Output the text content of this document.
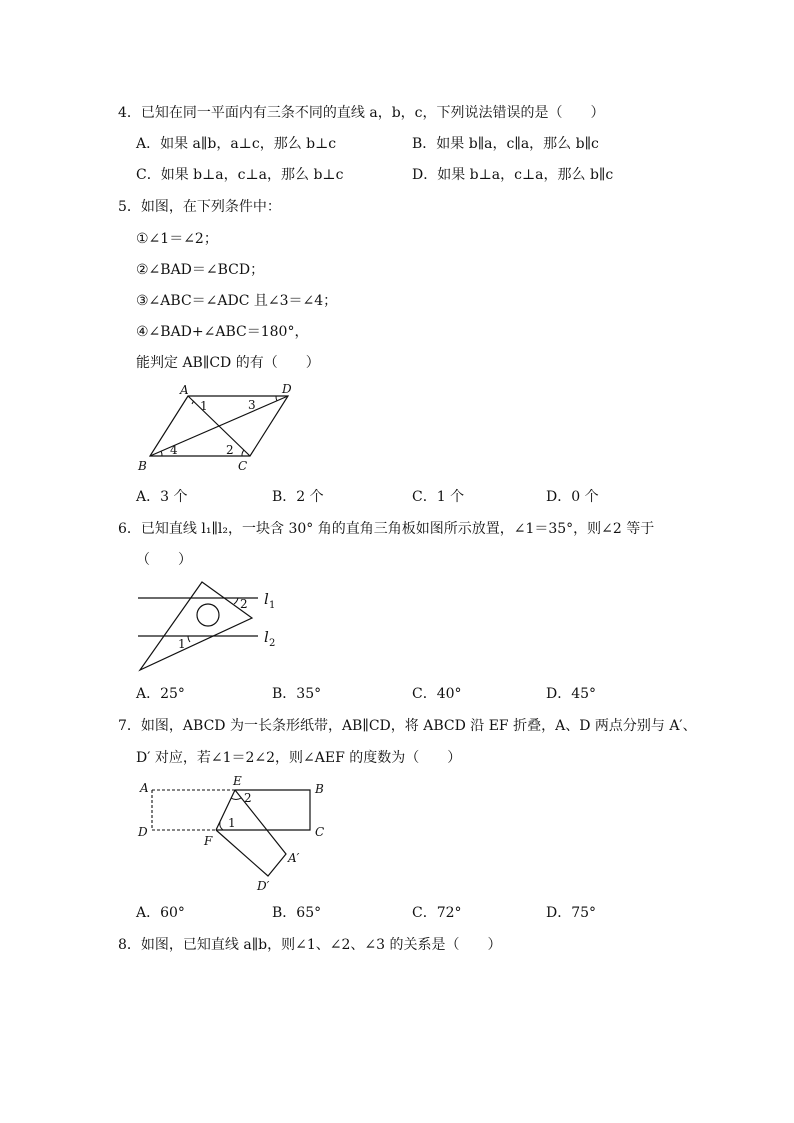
4．已知在同一平面内有三条不同的直线 a，b，c，下列说法错误的是（　　）
A．如果 a∥b，a⊥c，那么 b⊥c	B．如果 b∥a，c∥a，那么 b∥c
C．如果 b⊥a，c⊥a，那么 b⊥c	D．如果 b⊥a，c⊥a，那么 b∥c
5．如图，在下列条件中：
①∠1＝∠2；
②∠BAD＝∠BCD；
③∠ABC＝∠ADC 且∠3＝∠4；
④∠BAD+∠ABC＝180°，
能判定 AB∥CD 的有（　　）
A	D
B	C
1
2
3
4
A．3 个	B．2 个	C．1 个	D．0 个
6．已知直线 l₁∥l₂，一块含 30° 角的直角三角板如图所示放置，∠1＝35°，则∠2 等于
（　　）
1
2 l 1
l 2
A．25°	B．35°	C．40°	D．45°
7．如图，ABCD 为一长条形纸带，AB∥CD，将 ABCD 沿 EF 折叠，A、D 两点分别与 A′、
D′ 对应，若∠1＝2∠2，则∠AEF 的度数为（　　）
A	B
C
D
E
F
A′
D′
1
2
A．60°	B．65°	C．72°	D．75°
8．如图，已知直线 a∥b，则∠1、∠2、∠3 的关系是（　　）
